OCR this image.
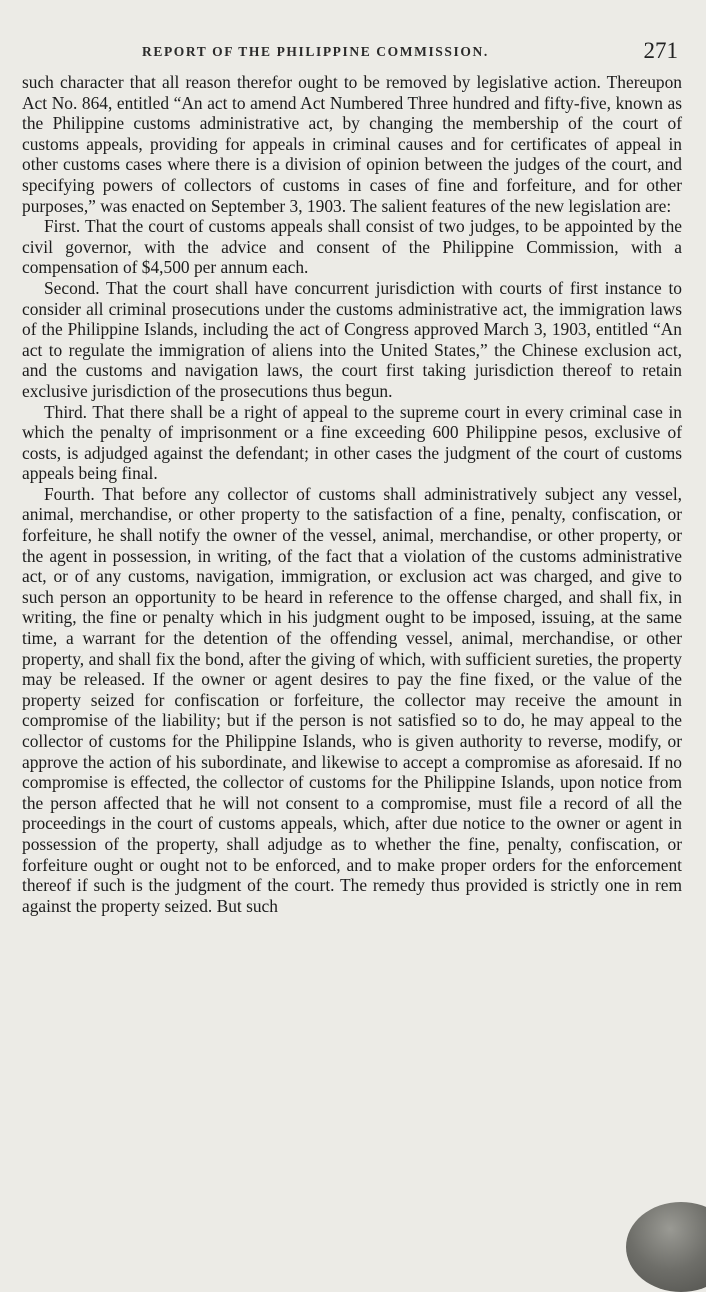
REPORT OF THE PHILIPPINE COMMISSION.	271

such character that all reason therefor ought to be removed by legislative action. Thereupon Act No. 864, entitled “An act to amend Act Numbered Three hundred and fifty-five, known as the Philippine customs administrative act, by changing the membership of the court of customs appeals, providing for appeals in criminal causes and for certificates of appeal in other customs cases where there is a division of opinion between the judges of the court, and specifying powers of collectors of customs in cases of fine and forfeiture, and for other purposes,” was enacted on September 3, 1903. The salient features of the new legislation are:

First. That the court of customs appeals shall consist of two judges, to be appointed by the civil governor, with the advice and consent of the Philippine Commission, with a compensation of $4,500 per annum each.

Second. That the court shall have concurrent jurisdiction with courts of first instance to consider all criminal prosecutions under the customs administrative act, the immigration laws of the Philippine Islands, including the act of Congress approved March 3, 1903, entitled “An act to regulate the immigration of aliens into the United States,” the Chinese exclusion act, and the customs and navigation laws, the court first taking jurisdiction thereof to retain exclusive jurisdiction of the prosecutions thus begun.

Third. That there shall be a right of appeal to the supreme court in every criminal case in which the penalty of imprisonment or a fine exceeding 600 Philippine pesos, exclusive of costs, is adjudged against the defendant; in other cases the judgment of the court of customs appeals being final.

Fourth. That before any collector of customs shall administratively subject any vessel, animal, merchandise, or other property to the satisfaction of a fine, penalty, confiscation, or forfeiture, he shall notify the owner of the vessel, animal, merchandise, or other property, or the agent in possession, in writing, of the fact that a violation of the customs administrative act, or of any customs, navigation, immigration, or exclusion act was charged, and give to such person an opportunity to be heard in reference to the offense charged, and shall fix, in writing, the fine or penalty which in his judgment ought to be imposed, issuing, at the same time, a warrant for the detention of the offending vessel, animal, merchandise, or other property, and shall fix the bond, after the giving of which, with sufficient sureties, the property may be released. If the owner or agent desires to pay the fine fixed, or the value of the property seized for confiscation or forfeiture, the collector may receive the amount in compromise of the liability; but if the person is not satisfied so to do, he may appeal to the collector of customs for the Philippine Islands, who is given authority to reverse, modify, or approve the action of his subordinate, and likewise to accept a compromise as aforesaid. If no compromise is effected, the collector of customs for the Philippine Islands, upon notice from the person affected that he will not consent to a compromise, must file a record of all the proceedings in the court of customs appeals, which, after due notice to the owner or agent in possession of the property, shall adjudge as to whether the fine, penalty, confiscation, or forfeiture ought or ought not to be enforced, and to make proper orders for the enforcement thereof if such is the judgment of the court. The remedy thus provided is strictly one in rem against the property seized. But such
